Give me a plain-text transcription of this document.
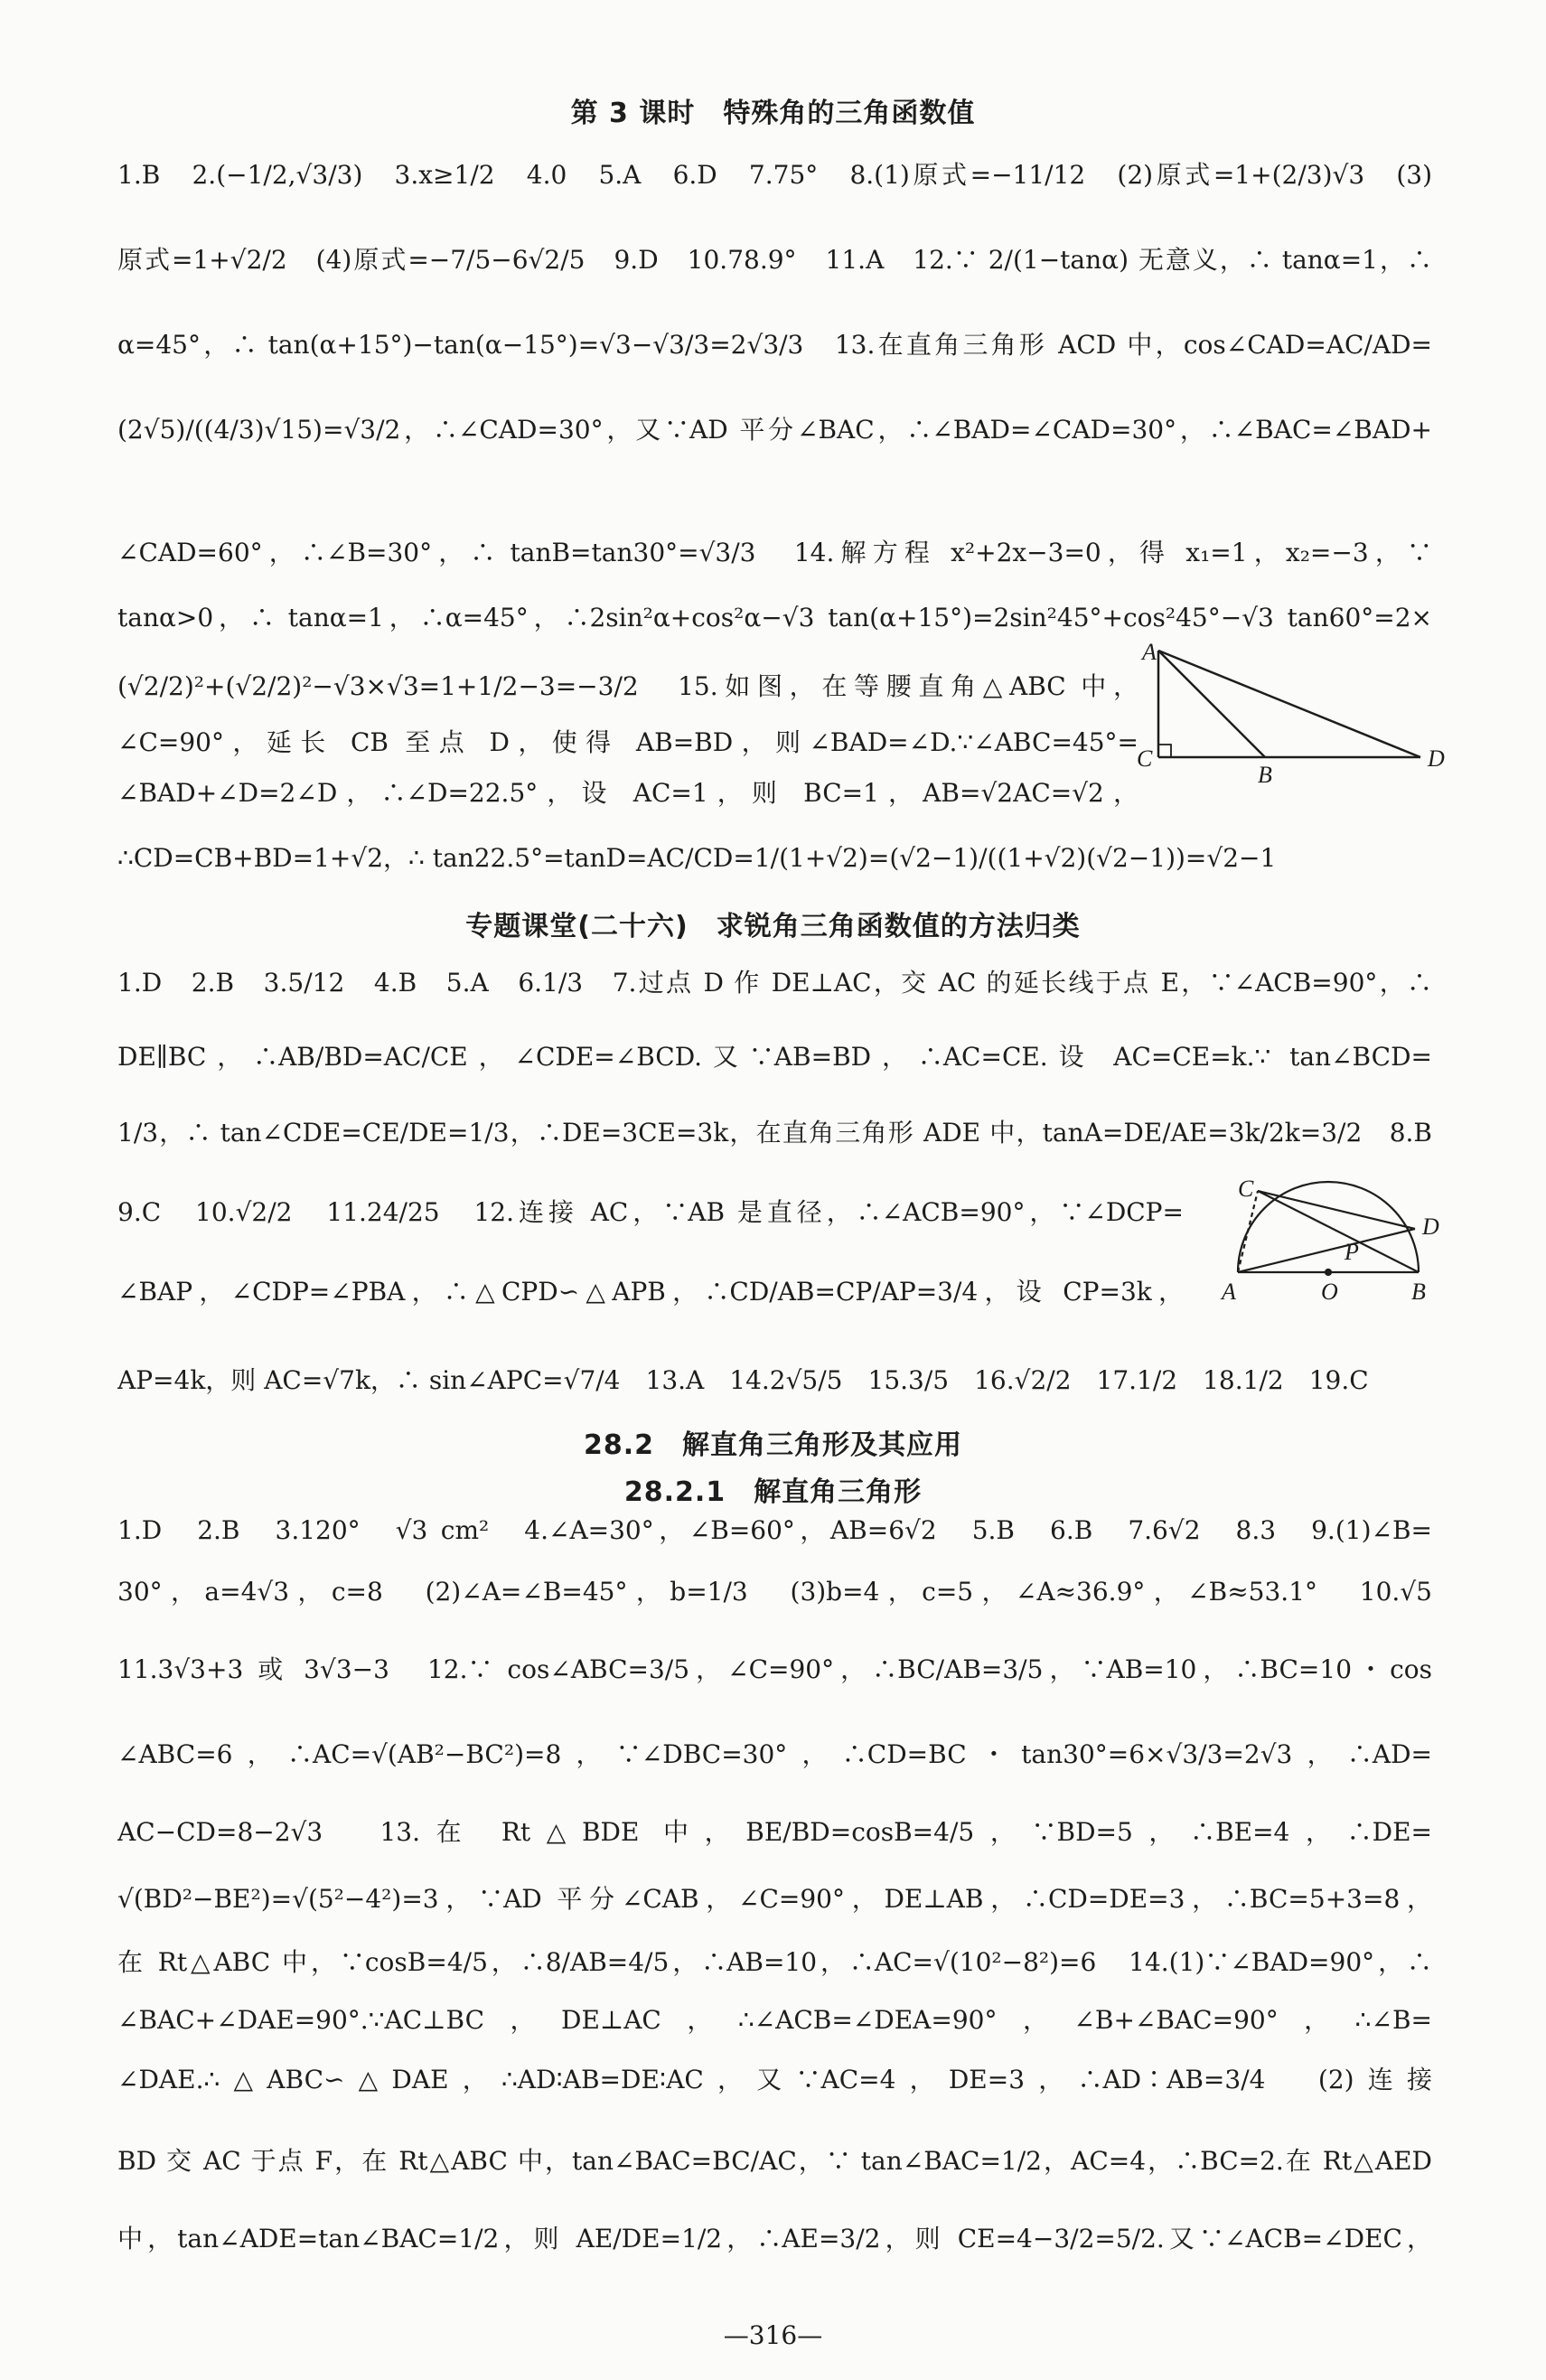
第 3 课时　特殊角的三角函数值
1.B　2.(−1/2,√3/3)　3.x≥1/2　4.0　5.A　6.D　7.75°　8.(1)原式=−11/12　(2)原式=1+(2/3)√3　(3)
原式=1+√2/2　(4)原式=−7/5−6√2/5　9.D　10.78.9°　11.A　12.∵ 2/(1−tanα) 无意义，∴ tanα=1，∴
α=45°，∴ tan(α+15°)−tan(α−15°)=√3−√3/3=2√3/3　13.在直角三角形 ACD 中，cos∠CAD=AC/AD=
(2√5)/((4/3)√15)=√3/2，∴∠CAD=30°，又∵AD 平分∠BAC，∴∠BAD=∠CAD=30°，∴∠BAC=∠BAD+
∠CAD=60°，∴∠B=30°，∴ tanB=tan30°=√3/3　14.解方程 x²+2x−3=0，得 x₁=1，x₂=−3，∵
tanα>0，∴ tanα=1，∴α=45°，∴2sin²α+cos²α−√3 tan(α+15°)=2sin²45°+cos²45°−√3 tan60°=2×
(√2/2)²+(√2/2)²−√3×√3=1+1/2−3=−3/2　15.如图，在等腰直角△ABC 中，
∠C=90°，延长 CB 至点 D，使得 AB=BD，则∠BAD=∠D.∵∠ABC=45°=
∠BAD+∠D=2∠D，∴∠D=22.5°，设 AC=1，则 BC=1，AB=√2AC=√2，
∴CD=CB+BD=1+√2，∴ tan22.5°=tanD=AC/CD=1/(1+√2)=(√2−1)/((1+√2)(√2−1))=√2−1
A
C
B
D
专题课堂(二十六)　求锐角三角函数值的方法归类
1.D　2.B　3.5/12　4.B　5.A　6.1/3　7.过点 D 作 DE⊥AC，交 AC 的延长线于点 E，∵∠ACB=90°，∴
DE∥BC，∴AB/BD=AC/CE，∠CDE=∠BCD.又∵AB=BD，∴AC=CE.设 AC=CE=k.∵ tan∠BCD=
1/3，∴ tan∠CDE=CE/DE=1/3，∴DE=3CE=3k，在直角三角形 ADE 中，tanA=DE/AE=3k/2k=3/2　8.B
9.C　10.√2/2　11.24/25　12.连接 AC，∵AB 是直径，∴∠ACB=90°，∵∠DCP=
∠BAP，∠CDP=∠PBA，∴△CPD∽△APB，∴CD/AB=CP/AP=3/4，设 CP=3k，
AP=4k，则 AC=√7k，∴ sin∠APC=√7/4　13.A　14.2√5/5　15.3/5　16.√2/2　17.1/2　18.1/2　19.C
C
D
P
A	O	B
28.2　解直角三角形及其应用
28.2.1　解直角三角形
1.D　2.B　3.120°　√3 cm²　4.∠A=30°，∠B=60°，AB=6√2　5.B　6.B　7.6√2　8.3　9.(1)∠B=
30°，a=4√3，c=8　(2)∠A=∠B=45°，b=1/3　(3)b=4，c=5，∠A≈36.9°，∠B≈53.1°　10.√5
11.3√3+3 或 3√3−3　12.∵ cos∠ABC=3/5，∠C=90°，∴BC/AB=3/5，∵AB=10，∴BC=10・cos
∠ABC=6，∴AC=√(AB²−BC²)=8，∵∠DBC=30°，∴CD=BC・tan30°=6×√3/3=2√3，∴AD=
AC−CD=8−2√3　13.在 Rt△BDE 中，BE/BD=cosB=4/5，∵BD=5，∴BE=4，∴DE=
√(BD²−BE²)=√(5²−4²)=3，∵AD 平分∠CAB，∠C=90°，DE⊥AB，∴CD=DE=3，∴BC=5+3=8，
在 Rt△ABC 中，∵cosB=4/5，∴8/AB=4/5，∴AB=10，∴AC=√(10²−8²)=6　14.(1)∵∠BAD=90°，∴
∠BAC+∠DAE=90°.∵AC⊥BC，DE⊥AC，∴∠ACB=∠DEA=90°，∠B+∠BAC=90°，∴∠B=
∠DAE.∴△ABC∽△DAE，∴AD∶AB=DE∶AC，又∵AC=4，DE=3，∴AD∶AB=3/4　(2)连接
BD 交 AC 于点 F，在 Rt△ABC 中，tan∠BAC=BC/AC，∵ tan∠BAC=1/2，AC=4，∴BC=2.在 Rt△AED
中，tan∠ADE=tan∠BAC=1/2，则 AE/DE=1/2，∴AE=3/2，则 CE=4−3/2=5/2.又∵∠ACB=∠DEC，
—316—
